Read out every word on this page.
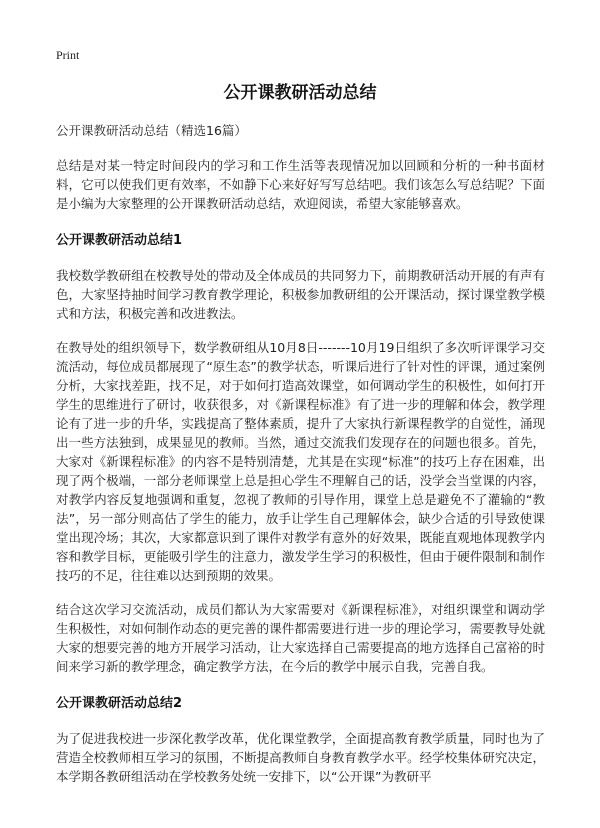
Print
公开课教研活动总结

公开课教研活动总结（精选16篇）

总结是对某一特定时间段内的学习和工作生活等表现情况加以回顾和分析的一种书面材料，它可以使我们更有效率，不如静下心来好好写写总结吧。我们该怎么写总结呢？下面是小编为大家整理的公开课教研活动总结，欢迎阅读，希望大家能够喜欢。

公开课教研活动总结1

我校数学教研组在校教导处的带动及全体成员的共同努力下，前期教研活动开展的有声有色，大家坚持抽时间学习教育教学理论，积极参加教研组的公开课活动，探讨课堂教学模式和方法，积极完善和改进教法。

在教导处的组织领导下，数学教研组从10月8日-------10月19日组织了多次听评课学习交流活动，每位成员都展现了“原生态”的教学状态，听课后进行了针对性的评课，通过案例分析，大家找差距，找不足，对于如何打造高效课堂，如何调动学生的积极性，如何打开学生的思维进行了研讨，收获很多，对《新课程标准》有了进一步的理解和体会，教学理论有了进一步的升华，实践提高了整体素质，提升了大家执行新课程教学的自觉性，涌现出一些方法独到，成果显见的教师。当然，通过交流我们发现存在的问题也很多。首先，大家对《新课程标准》的内容不是特别清楚，尤其是在实现“标准”的技巧上存在困难，出现了两个极端，一部分老师课堂上总是担心学生不理解自己的话，没学会当堂课的内容，对教学内容反复地强调和重复，忽视了教师的引导作用，课堂上总是避免不了灌输的“教法”，另一部分则高估了学生的能力，放手让学生自己理解体会，缺少合适的引导致使课堂出现冷场；其次，大家都意识到了课件对教学有意外的好效果，既能直观地体现教学内容和教学目标，更能吸引学生的注意力，激发学生学习的积极性，但由于硬件限制和制作技巧的不足，往往难以达到预期的效果。

结合这次学习交流活动，成员们都认为大家需要对《新课程标准》，对组织课堂和调动学生积极性，对如何制作动态的更完善的课件都需要进行进一步的理论学习，需要教导处就大家的想要完善的地方开展学习活动，让大家选择自己需要提高的地方选择自己富裕的时间来学习新的教学理念，确定教学方法，在今后的教学中展示自我，完善自我。

公开课教研活动总结2

为了促进我校进一步深化教学改革，优化课堂教学，全面提高教育教学质量，同时也为了营造全校教师相互学习的氛围，不断提高教师自身教育教学水平。经学校集体研究决定，本学期各教研组活动在学校教务处统一安排下，以“公开课”为教研平
